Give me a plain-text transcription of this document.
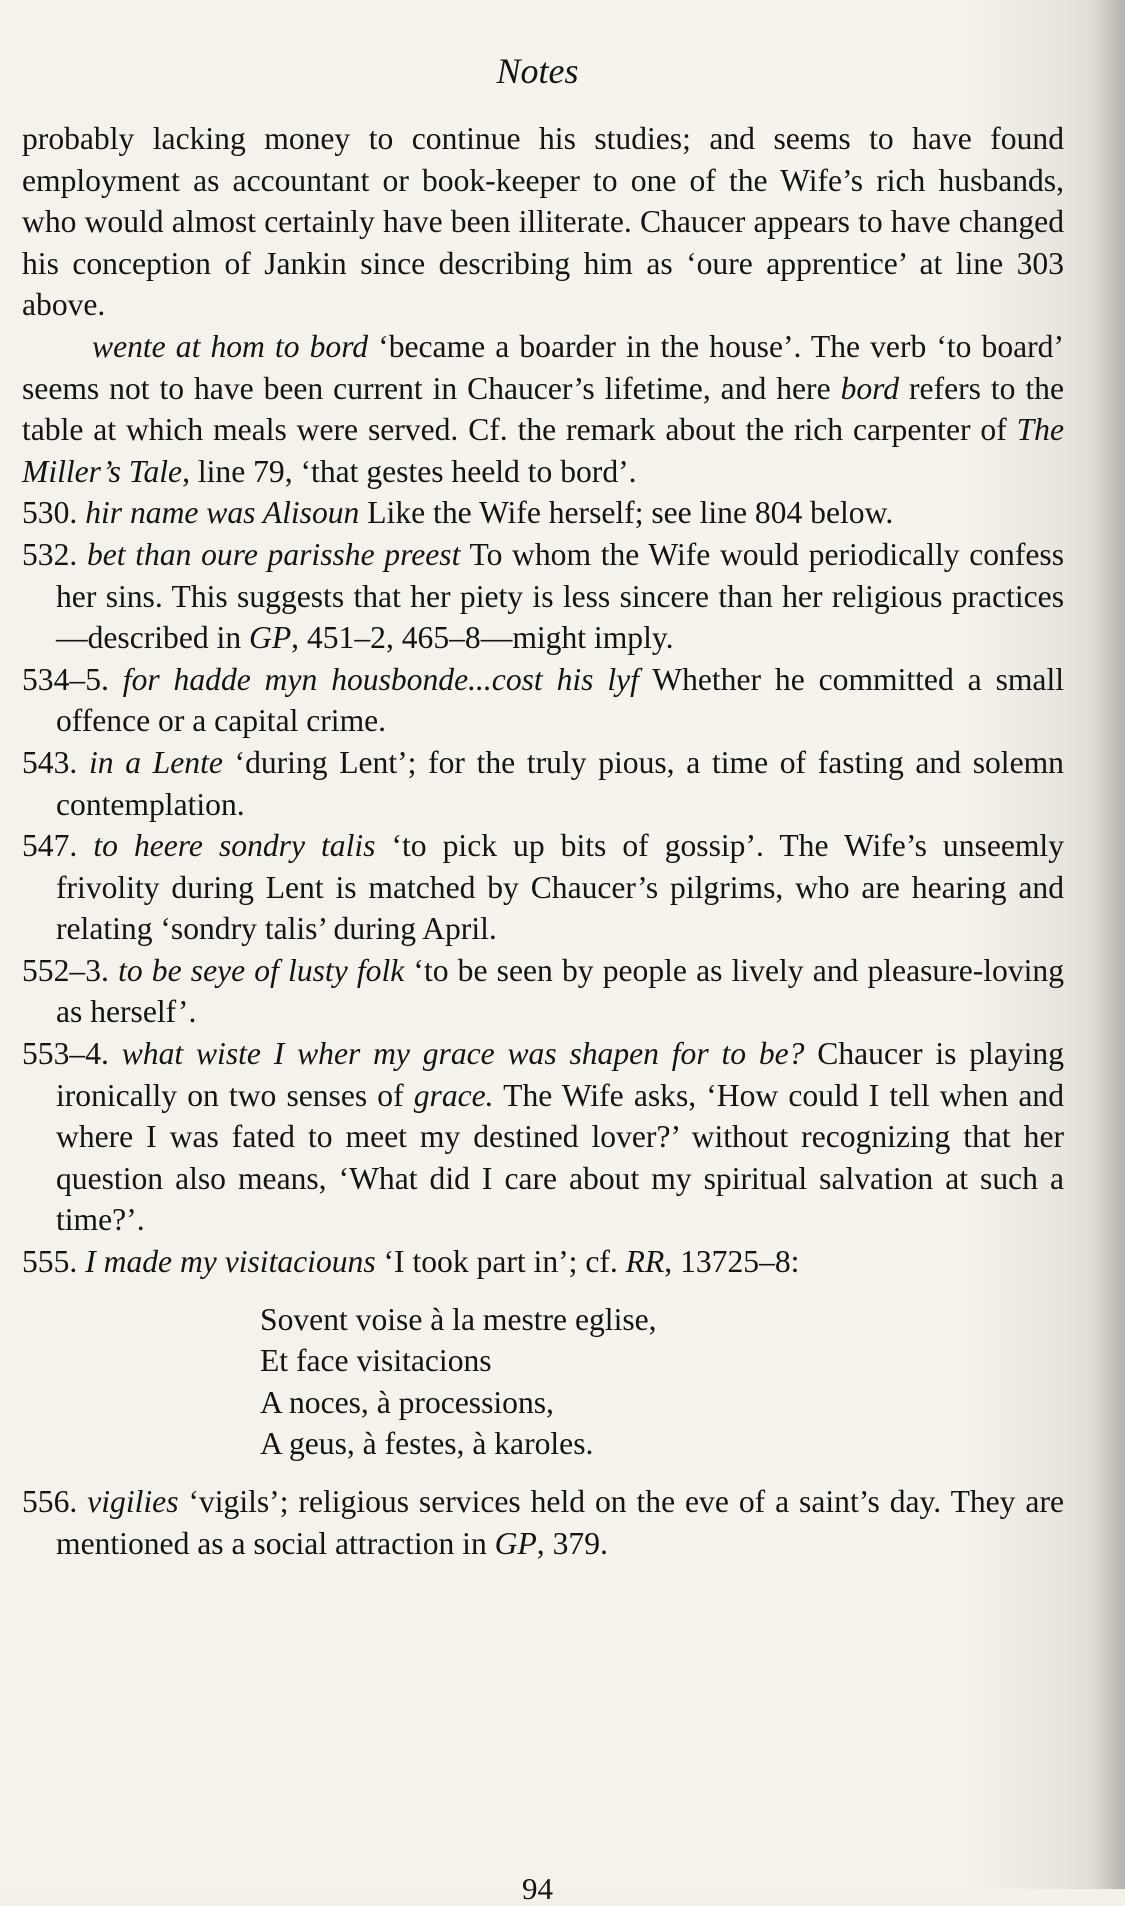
Notes

probably lacking money to continue his studies; and seems to have found employment as accountant or book-keeper to one of the Wife’s rich husbands, who would almost certainly have been illiterate. Chaucer appears to have changed his conception of Jankin since describing him as ‘oure apprentice’ at line 303 above.

wente at hom to bord ‘became a boarder in the house’. The verb ‘to board’ seems not to have been current in Chaucer’s lifetime, and here bord refers to the table at which meals were served. Cf. the remark about the rich carpenter of The Miller’s Tale, line 79, ‘that gestes heeld to bord’.

530. hir name was Alisoun Like the Wife herself; see line 804 below.

532. bet than oure parisshe preest To whom the Wife would periodically confess her sins. This suggests that her piety is less sincere than her religious practices—described in GP, 451–2, 465–8—might imply.

534–5. for hadde myn housbonde...cost his lyf Whether he committed a small offence or a capital crime.

543. in a Lente ‘during Lent’; for the truly pious, a time of fasting and solemn contemplation.

547. to heere sondry talis ‘to pick up bits of gossip’. The Wife’s unseemly frivolity during Lent is matched by Chaucer’s pilgrims, who are hearing and relating ‘sondry talis’ during April.

552–3. to be seye of lusty folk ‘to be seen by people as lively and pleasure-loving as herself’.

553–4. what wiste I wher my grace was shapen for to be? Chaucer is playing ironically on two senses of grace. The Wife asks, ‘How could I tell when and where I was fated to meet my destined lover?’ without recognizing that her question also means, ‘What did I care about my spiritual salvation at such a time?’.

555. I made my visitaciouns ‘I took part in’; cf. RR, 13725–8:

Sovent voise à la mestre eglise,
Et face visitacions
A noces, à processions,
A geus, à festes, à karoles.

556. vigilies ‘vigils’; religious services held on the eve of a saint’s day. They are mentioned as a social attraction in GP, 379.

94
